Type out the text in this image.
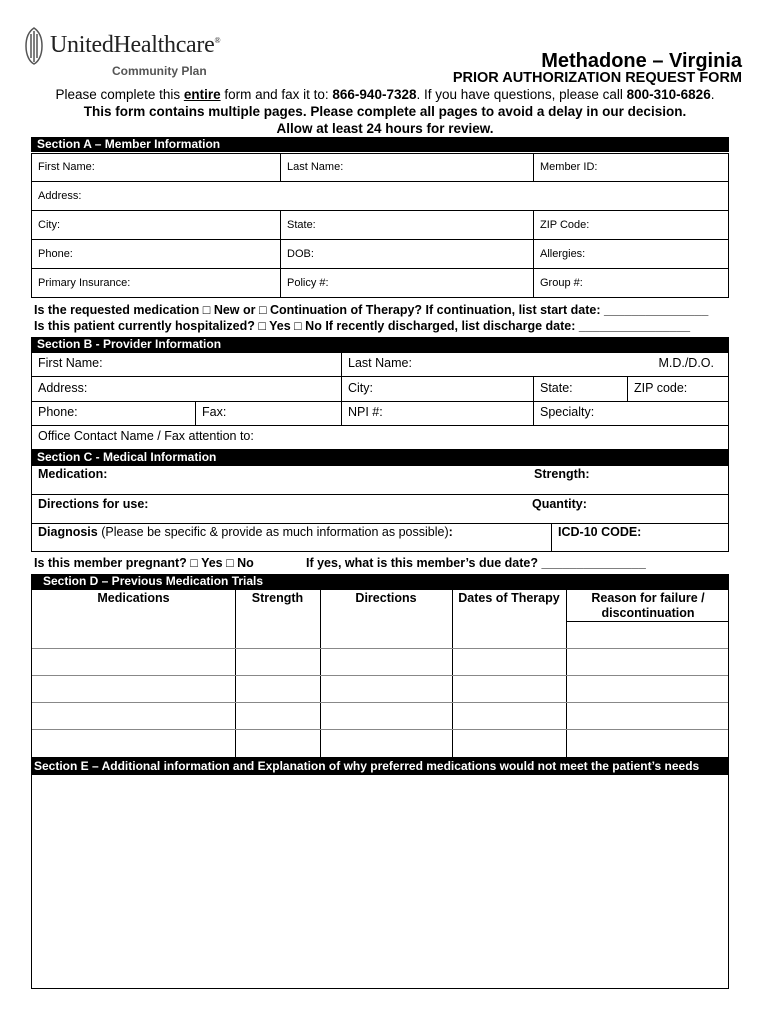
UnitedHealthcare®
Community Plan	Methadone – Virginia
PRIOR AUTHORIZATION REQUEST FORM
Please complete this entire form and fax it to: 866-940-7328. If you have questions, please call 800-310-6826.
This form contains multiple pages. Please complete all pages to avoid a delay in our decision.
Allow at least 24 hours for review.
Section A – Member Information
First Name:	Last Name:	Member ID:
Address:
City:	State:	ZIP Code:
Phone:	DOB:	Allergies:
Primary Insurance:	Policy #:	Group #:
Is the requested medication □ New or □ Continuation of Therapy? If continuation, list start date: _______________
Is this patient currently hospitalized? □ Yes □ No If recently discharged, list discharge date: ________________
Section B - Provider Information
First Name:	Last Name:	M.D./D.O.
Address:	City:	State:	ZIP code:
Phone:	Fax:	NPI #:	Specialty:
Office Contact Name / Fax attention to:
Section C - Medical Information
Medication:	Strength:
Directions for use:	Quantity:
Diagnosis (Please be specific & provide as much information as possible):	ICD-10 CODE:
Is this member pregnant? □ Yes □ No	If yes, what is this member’s due date? _______________
Section D – Previous Medication Trials
Medications	Strength	Directions	Dates of Therapy	Reason for failure / discontinuation
Section E – Additional information and Explanation of why preferred medications would not meet the patient’s needs
